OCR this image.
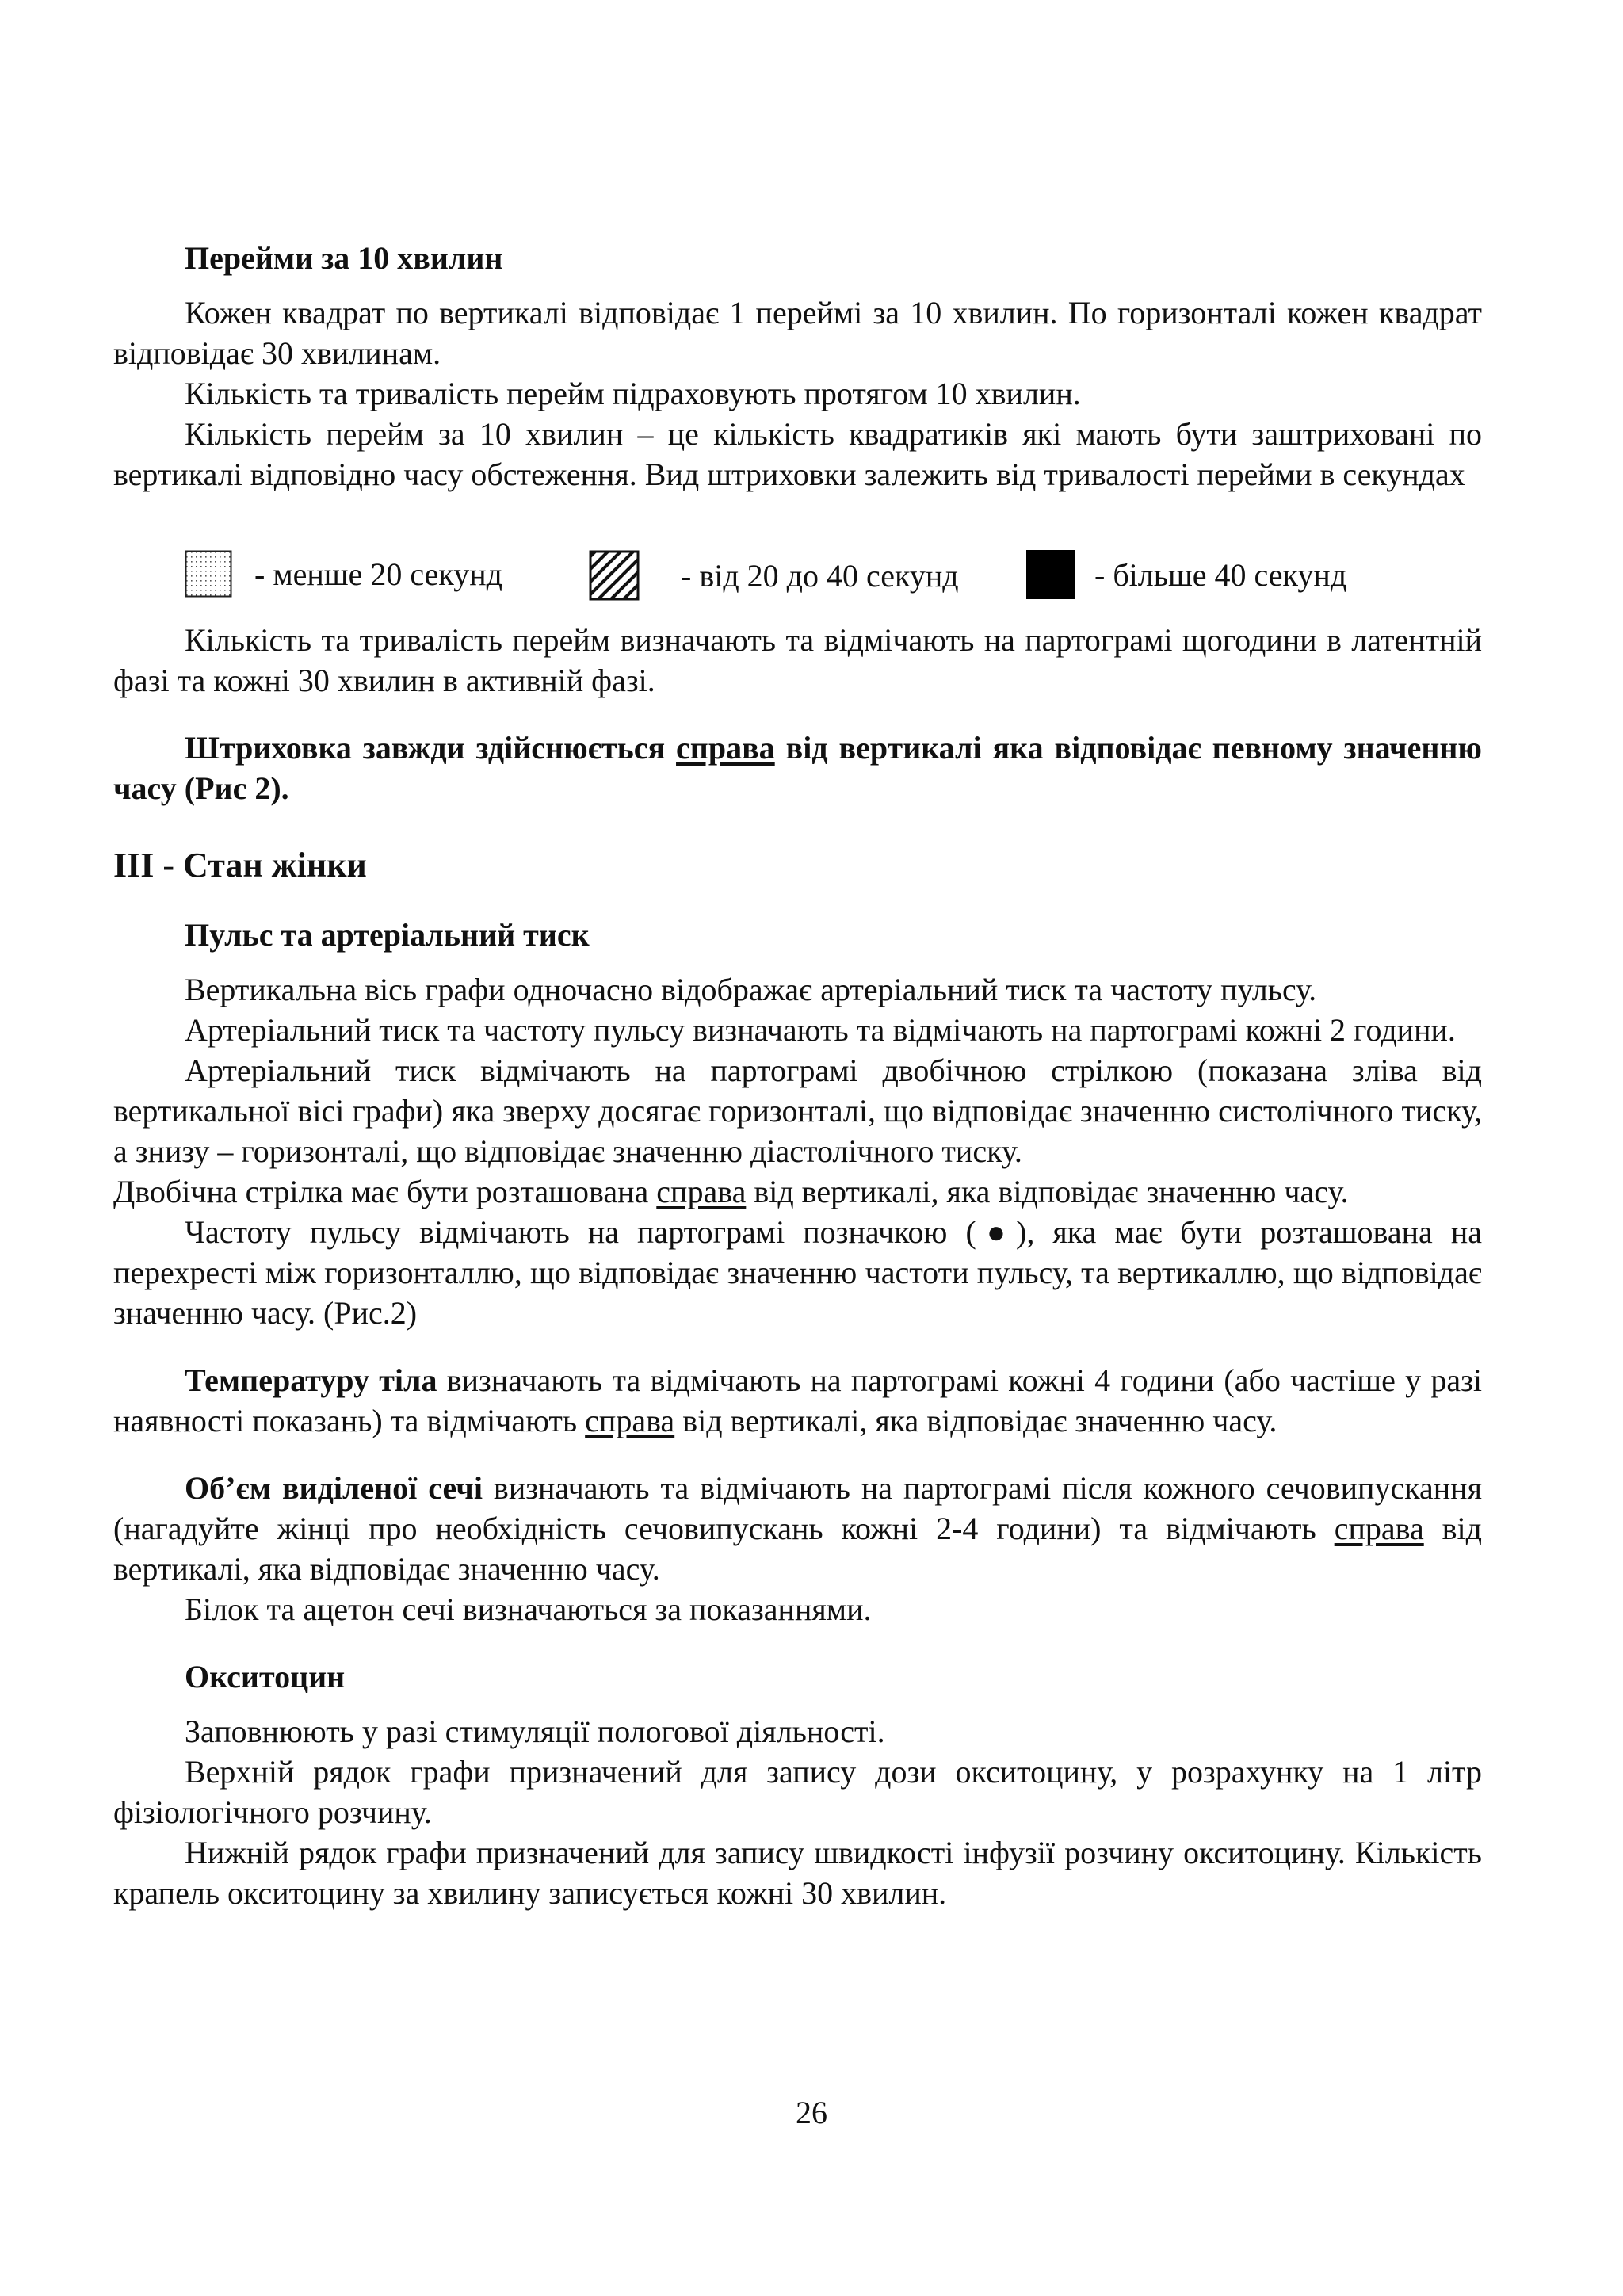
Перейми за 10 хвилин

Кожен квадрат по вертикалі відповідає 1 переймі за 10 хвилин. По горизонталі кожен квадрат відповідає 30 хвилинам.

Кількість та тривалість перейм підраховують протягом 10 хвилин.

Кількість перейм за 10 хвилин – це кількість квадратиків які мають бути заштриховані по вертикалі відповідно часу обстеження. Вид штриховки залежить від тривалості перейми в секундах

- менше 20 секунд	- від 20 до 40 секунд	- більше 40 секунд

Кількість та тривалість перейм визначають та відмічають на партограмі щогодини в латентній фазі та кожні 30 хвилин в активній фазі.

Штриховка завжди здійснюється справа від вертикалі яка відповідає певному значенню часу (Рис 2).

III - Стан жінки
Пульс та артеріальний тиск

Вертикальна вісь графи одночасно відображає артеріальний тиск та частоту пульсу.

Артеріальний тиск та частоту пульсу визначають та відмічають на партограмі кожні 2 години.

Артеріальний тиск відмічають на партограмі двобічною стрілкою (показана зліва від вертикальної вісі графи) яка зверху досягає горизонталі, що відповідає значенню систолічного тиску, а знизу – горизонталі, що відповідає значенню діастолічного тиску.

Двобічна стрілка має бути розташована справа від вертикалі, яка відповідає значенню часу.

Частоту пульсу відмічають на партограмі позначкою (●), яка має бути розташована на перехресті між горизонталлю, що відповідає значенню частоти пульсу, та вертикаллю, що відповідає значенню часу. (Рис.2)

Температуру тіла визначають та відмічають на партограмі кожні 4 години (або частіше у разі наявності показань) та відмічають справа від вертикалі, яка відповідає значенню часу.

Об’єм виділеної сечі визначають та відмічають на партограмі після кожного сечовипускання (нагадуйте жінці про необхідність сечовипускань кожні 2-4 години) та відмічають справа від вертикалі, яка відповідає значенню часу.

Білок та ацетон сечі визначаються за показаннями.

Окситоцин

Заповнюють у разі стимуляції пологової діяльності.

Верхній рядок графи призначений для запису дози окситоцину, у розрахунку на 1 літр фізіологічного розчину.

Нижній рядок графи призначений для запису швидкості інфузії розчину окситоцину. Кількість крапель окситоцину за хвилину записується кожні 30 хвилин.

26
